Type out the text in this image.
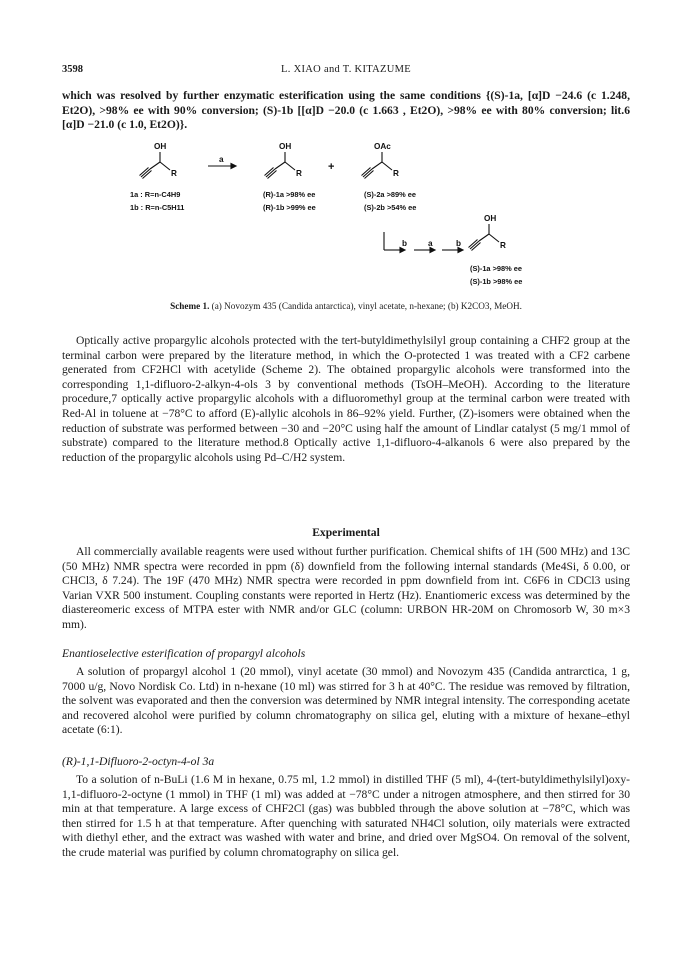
3598	L. XIAO and T. KITAZUME
which was resolved by further enzymatic esterification using the same conditions {(S)-1a, [α]D −24.6 (c 1.248, Et2O), >98% ee with 90% conversion; (S)-1b [[α]D −20.0 (c 1.663 , Et2O), >98% ee with 80% conversion; lit.6 [α]D −21.0 (c 1.0, Et2O)}.
OH
R
a
OH
R
+
OAc
R
b	a	b
OH
R
1a : R=n-C4H9
1b : R=n-C5H11
(R)-1a >98% ee
(R)-1b >99% ee
(S)-2a >89% ee
(S)-2b >54% ee
(S)-1a >98% ee
(S)-1b >98% ee
Scheme 1. (a) Novozym 435 (Candida antarctica), vinyl acetate, n-hexane; (b) K2CO3, MeOH.

Optically active propargylic alcohols protected with the tert-butyldimethylsilyl group containing a CHF2 group at the terminal carbon were prepared by the literature method, in which the O-protected 1 was treated with a CF2 carbene generated from CF2HCl with acetylide (Scheme 2). The obtained propargylic alcohols were transformed into the corresponding 1,1-difluoro-2-alkyn-4-ols 3 by conventional methods (TsOH–MeOH). According to the literature procedure,7 optically active propargylic alcohols with a difluoromethyl group at the terminal carbon were treated with Red-Al in toluene at −78°C to afford (E)-allylic alcohols in 86–92% yield. Further, (Z)-isomers were obtained when the reduction of substrate was performed between −30 and −20°C using half the amount of Lindlar catalyst (5 mg/1 mmol of substrate) compared to the literature method.8 Optically active 1,1-difluoro-4-alkanols 6 were also prepared by the reduction of the propargylic alcohols using Pd–C/H2 system.

Experimental

All commercially available reagents were used without further purification. Chemical shifts of 1H (500 MHz) and 13C (50 MHz) NMR spectra were recorded in ppm (δ) downfield from the following internal standards (Me4Si, δ 0.00, or CHCl3, δ 7.24). The 19F (470 MHz) NMR spectra were recorded in ppm downfield from int. C6F6 in CDCl3 using Varian VXR 500 instument. Coupling constants were reported in Hertz (Hz). Enantiomeric excess was determined by the diastereomeric excess of MTPA ester with NMR and/or GLC (column: URBON HR-20M on Chromosorb W, 30 m×3 mm).

Enantioselective esterification of propargyl alcohols

A solution of propargyl alcohol 1 (20 mmol), vinyl acetate (30 mmol) and Novozym 435 (Candida antrarctica, 1 g, 7000 u/g, Novo Nordisk Co. Ltd) in n-hexane (10 ml) was stirred for 3 h at 40°C. The residue was removed by filtration, the solvent was evaporated and then the conversion was determined by NMR integral intensity. The corresponding acetate and recovered alcohol were purified by column chromatography on silica gel, eluting with a mixture of hexane–ethyl acetate (6:1).

(R)-1,1-Difluoro-2-octyn-4-ol 3a

To a solution of n-BuLi (1.6 M in hexane, 0.75 ml, 1.2 mmol) in distilled THF (5 ml), 4-(tert-butyldimethylsilyl)oxy-1,1-difluoro-2-octyne (1 mmol) in THF (1 ml) was added at −78°C under a nitrogen atmosphere, and then stirred for 30 min at that temperature. A large excess of CHF2Cl (gas) was bubbled through the above solution at −78°C, which was then stirred for 1.5 h at that temperature. After quenching with saturated NH4Cl solution, oily materials were extracted with diethyl ether, and the extract was washed with water and brine, and dried over MgSO4. On removal of the solvent, the crude material was purified by column chromatography on silica gel.
